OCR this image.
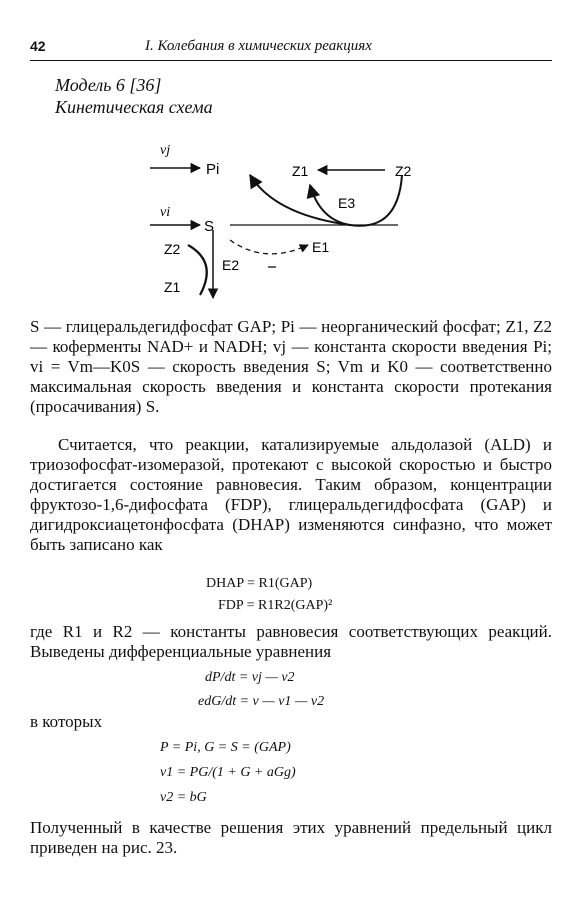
42	I. Колебания в химических реакциях
Модель 6 [36]
Кинетическая схема
vj
vi
Pi
S
Z1	Z2
E3
E1
Z2
E2
Z1
S — глицеральдегидфосфат GAP; Pi — неорганический фосфат; Z1, Z2 — коферменты NAD+ и NADH; vj — константа скорости введения Pi; vi = Vm—K0S — скорость введения S; Vm и K0 — соответственно максимальная скорость введения и константа скорости протекания (просачивания) S.
Считается, что реакции, катализируемые альдолазой (ALD) и триозофосфат-изомеразой, протекают с высокой скоростью и быстро достигается состояние равновесия. Таким образом, концентрации фруктозо-1,6-дифосфата (FDP), глицеральдегидфосфата (GAP) и дигидроксиацетонфосфата (DHAP) изменяются синфазно, что может быть записано как
DHAP = R1(GAP)
FDP = R1R2(GAP)²
где R1 и R2 — константы равновесия соответствующих реакций. Выведены дифференциальные уравнения
dP/dt = vj — v2
edG/dt = v — v1 — v2
в которых
P = Pi, G = S = (GAP)
v1 = PG/(1 + G + aGg)
v2 = bG
Полученный в качестве решения этих уравнений предельный цикл приведен на рис. 23.
